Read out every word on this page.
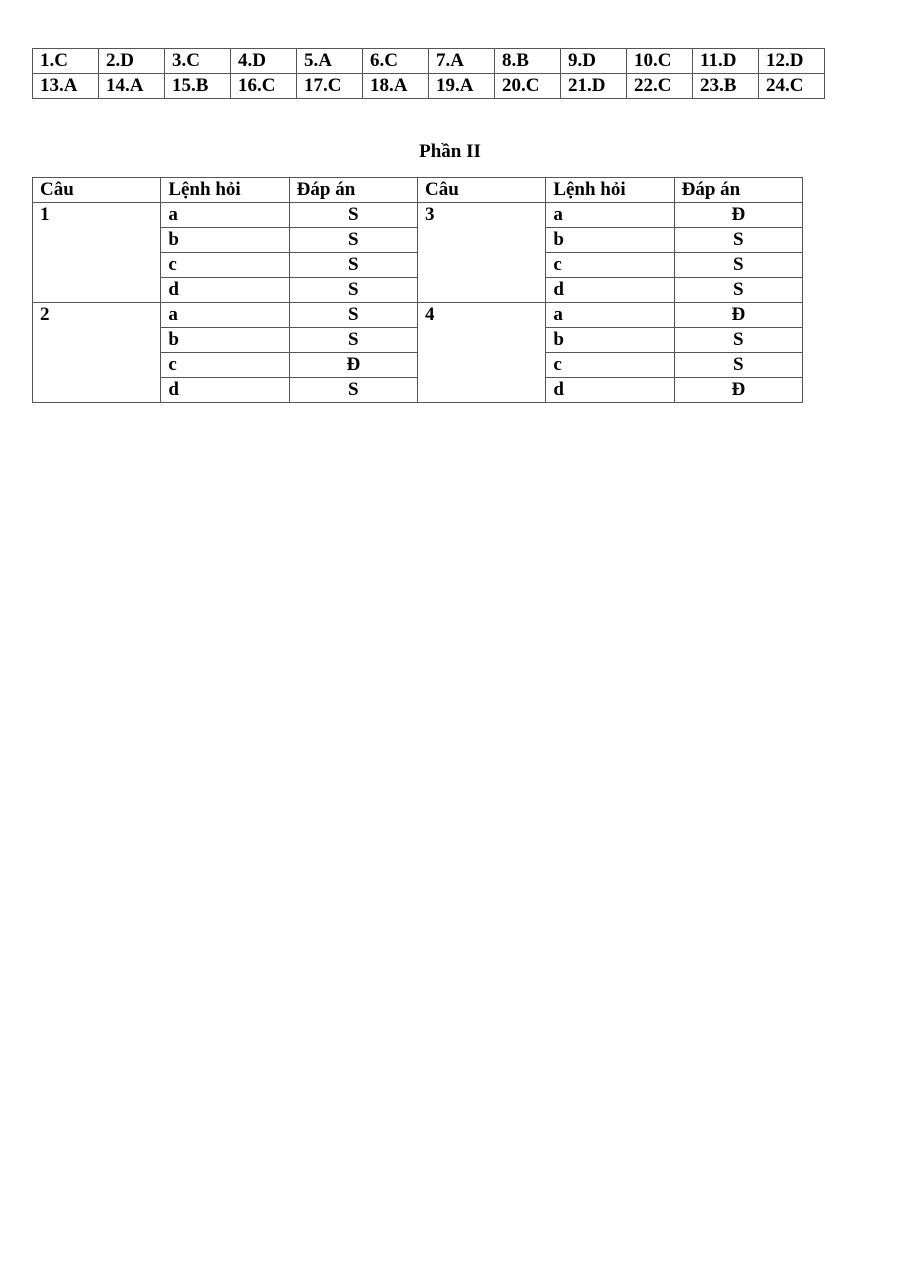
1.C	2.D	3.C	4.D	5.A	6.C	7.A	8.B	9.D	10.C	11.D	12.D
13.A	14.A	15.B	16.C	17.C	18.A	19.A	20.C	21.D	22.C	23.B	24.C
Phần II
Câu	Lệnh hỏi	Đáp án	Câu	Lệnh hỏi	Đáp án
1	a	S	3	a	Đ
	b	S		b	S
	c	S		c	S
	d	S		d	S
2	a	S	4	a	Đ
	b	S		b	S
	c	Đ		c	S
	d	S		d	Đ
